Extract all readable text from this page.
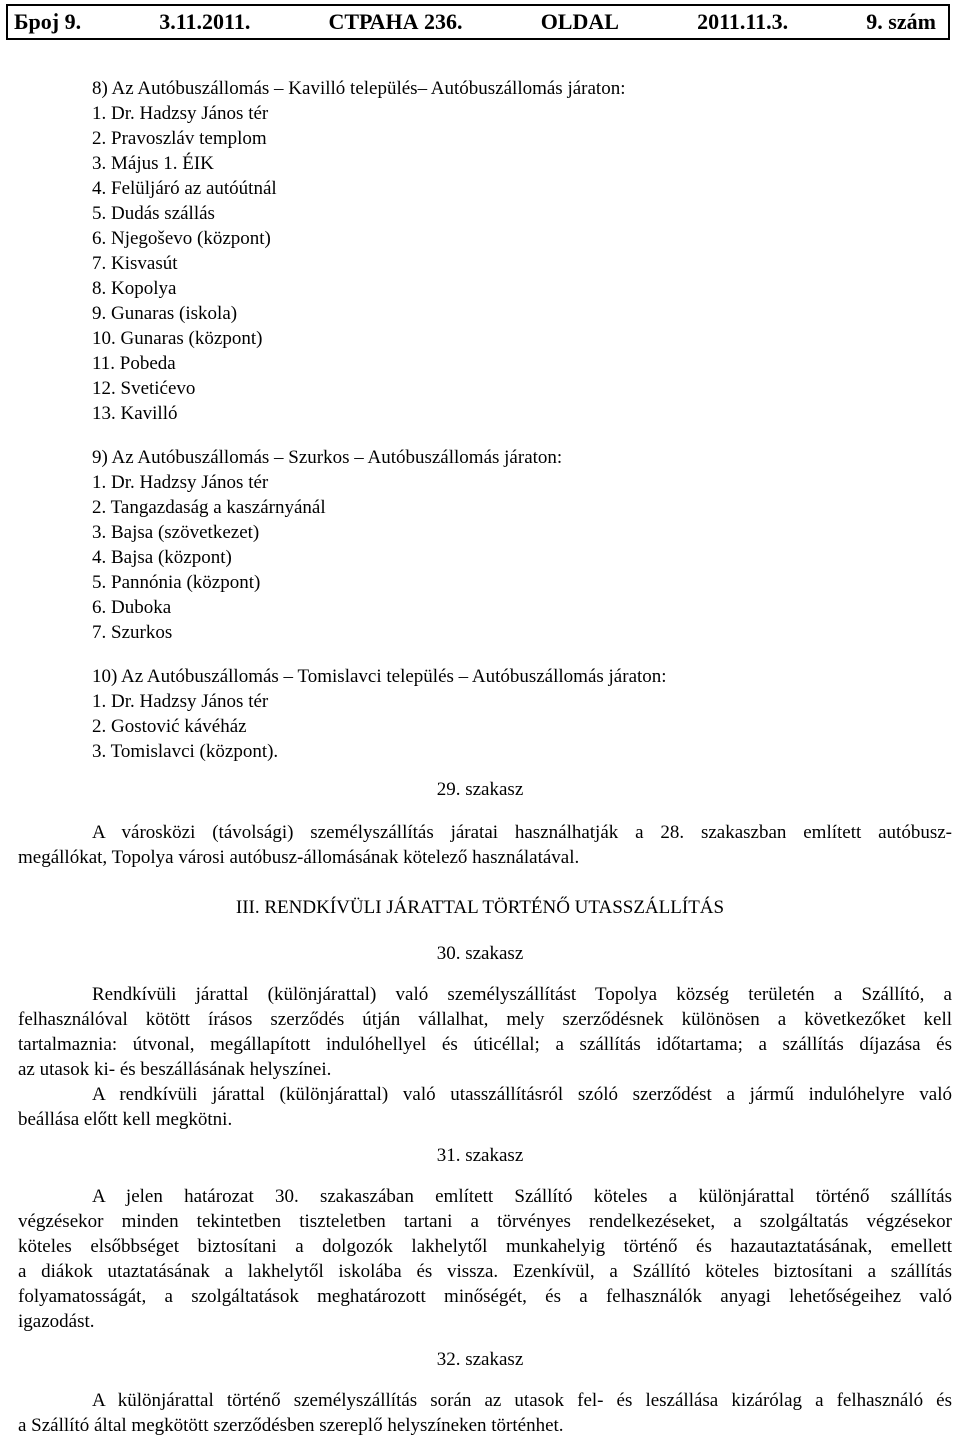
Број 9.	3.11.2011.	СТРАНА 236.	OLDAL	2011.11.3.	9. szám
8) Az Autóbuszállomás – Kavilló település– Autóbuszállomás járaton:
1. Dr. Hadzsy János tér
2. Pravoszláv templom
3. Május 1. ÉIK
4. Felüljáró az autóútnál
5. Dudás szállás
6. Njegoševo (központ)
7. Kisvasút
8. Kopolya
9. Gunaras (iskola)
10. Gunaras (központ)
11. Pobeda
12. Svetićevo
13. Kavilló
9) Az Autóbuszállomás – Szurkos – Autóbuszállomás járaton:
1. Dr. Hadzsy János tér
2. Tangazdaság a kaszárnyánál
3. Bajsa (szövetkezet)
4. Bajsa (központ)
5. Pannónia (központ)
6. Duboka
7. Szurkos
10) Az Autóbuszállomás – Tomislavci település – Autóbuszállomás járaton:
1. Dr. Hadzsy János tér
2. Gostović kávéház
3. Tomislavci (központ).
29. szakasz
A városközi (távolsági) személyszállítás járatai használhatják a 28. szakaszban említett autóbusz-
megállókat, Topolya városi autóbusz-állomásának kötelező használatával.
III. RENDKÍVÜLI JÁRATTAL TÖRTÉNŐ UTASSZÁLLÍTÁS
30. szakasz
Rendkívüli járattal (különjárattal) való személyszállítást Topolya község területén a Szállító, a
felhasználóval kötött írásos szerződés útján vállalhat, mely szerződésnek különösen a következőket kell
tartalmaznia: útvonal, megállapított indulóhellyel és úticéllal; a szállítás időtartama; a szállítás díjazása és
az utasok ki- és beszállásának helyszínei.
A rendkívüli járattal (különjárattal) való utasszállításról szóló szerződést a jármű indulóhelyre való
beállása előtt kell megkötni.
31. szakasz
A jelen határozat 30. szakaszában említett Szállító köteles a különjárattal történő szállítás
végzésekor minden tekintetben tiszteletben tartani a törvényes rendelkezéseket, a szolgáltatás végzésekor
köteles elsőbbséget biztosítani a dolgozók lakhelytől munkahelyig történő és hazautaztatásának, emellett
a diákok utaztatásának a lakhelytől iskolába és vissza. Ezenkívül, a Szállító köteles biztosítani a szállítás
folyamatosságát, a szolgáltatások meghatározott minőségét, és a felhasználók anyagi lehetőségeihez való
igazodást.
32. szakasz
A különjárattal történő személyszállítás során az utasok fel- és leszállása kizárólag a felhasználó és
a Szállító által megkötött szerződésben szereplő helyszíneken történhet.
